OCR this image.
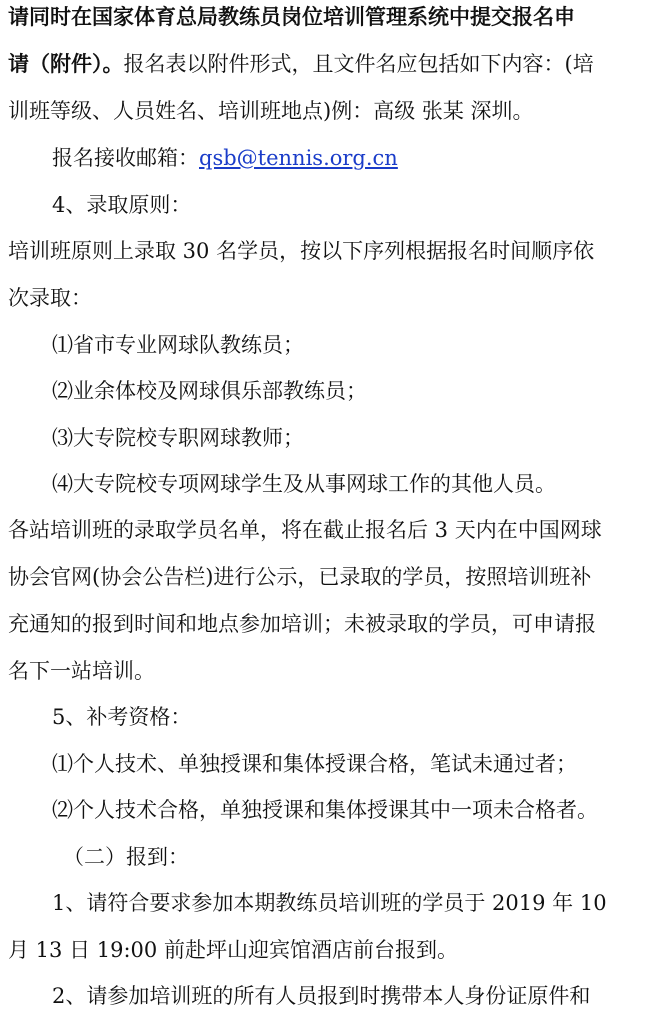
请同时在国家体育总局教练员岗位培训管理系统中提交报名申
请（附件）。报名表以附件形式，且文件名应包括如下内容：(培
训班等级、人员姓名、培训班地点)例：高级 张某 深圳。
报名接收邮箱：qsb@tennis.org.cn
4、录取原则：
培训班原则上录取 30 名学员，按以下序列根据报名时间顺序依
次录取：
⑴省市专业网球队教练员；
⑵业余体校及网球俱乐部教练员；
⑶大专院校专职网球教师；
⑷大专院校专项网球学生及从事网球工作的其他人员。
各站培训班的录取学员名单，将在截止报名后 3 天内在中国网球
协会官网(协会公告栏)进行公示，已录取的学员，按照培训班补
充通知的报到时间和地点参加培训；未被录取的学员，可申请报
名下一站培训。
5、补考资格：
⑴个人技术、单独授课和集体授课合格，笔试未通过者；
⑵个人技术合格，单独授课和集体授课其中一项未合格者。
（二）报到：
1、请符合要求参加本期教练员培训班的学员于 2019 年 10
月 13 日 19:00 前赴坪山迎宾馆酒店前台报到。
2、请参加培训班的所有人员报到时携带本人身份证原件和
